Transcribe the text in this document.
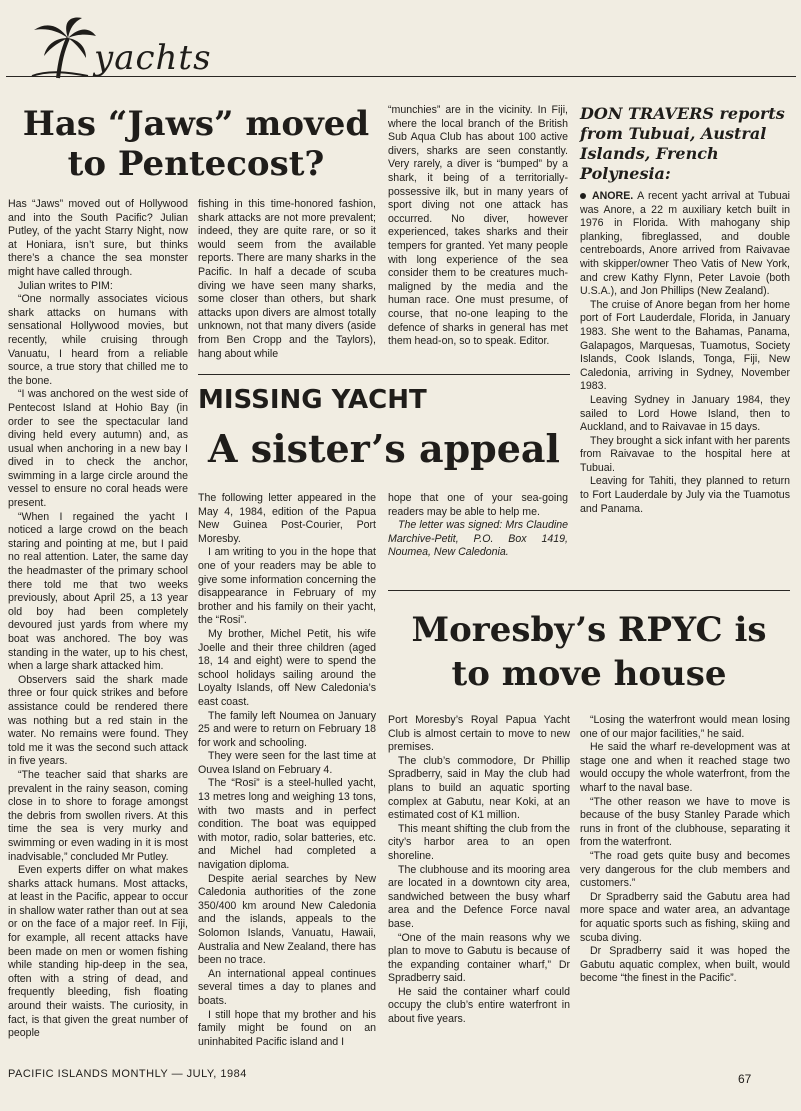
yachts
Has “Jaws” moved to Pentecost?

Has “Jaws” moved out of Hollywood and into the South Pacific? Julian Putley, of the yacht Starry Night, now at Honiara, isn’t sure, but thinks there’s a chance the sea monster might have called through.

Julian writes to PIM:

“One normally associates vicious shark attacks on humans with sensational Hollywood movies, but recently, while cruising through Vanuatu, I heard from a reliable source, a true story that chilled me to the bone.

“I was anchored on the west side of Pentecost Island at Hohio Bay (in order to see the spectacular land diving held every autumn) and, as usual when anchoring in a new bay I dived in to check the anchor, swimming in a large circle around the vessel to ensure no coral heads were present.

“When I regained the yacht I noticed a large crowd on the beach staring and pointing at me, but I paid no real attention. Later, the same day the headmaster of the primary school there told me that two weeks previously, about April 25, a 13 year old boy had been completely devoured just yards from where my boat was anchored. The boy was standing in the water, up to his chest, when a large shark attacked him.

Observers said the shark made three or four quick strikes and before assistance could be rendered there was nothing but a red stain in the water. No remains were found. They told me it was the second such attack in five years.

“The teacher said that sharks are prevalent in the rainy season, coming close in to shore to forage amongst the debris from swollen rivers. At this time the sea is very murky and swimming or even wading in it is most inadvisable,” concluded Mr Putley.

Even experts differ on what makes sharks attack humans. Most attacks, at least in the Pacific, appear to occur in shallow water rather than out at sea or on the face of a major reef. In Fiji, for example, all recent attacks have been made on men or women fishing while standing hip-deep in the sea, often with a string of dead, and frequently bleeding, fish floating around their waists. The curiosity, in fact, is that given the great number of people

fishing in this time-honored fashion, shark attacks are not more prevalent; indeed, they are quite rare, or so it would seem from the available reports. There are many sharks in the Pacific. In half a decade of scuba diving we have seen many sharks, some closer than others, but shark attacks upon divers are almost totally unknown, not that many divers (aside from Ben Cropp and the Taylors), hang about while

“munchies” are in the vicinity. In Fiji, where the local branch of the British Sub Aqua Club has about 100 active divers, sharks are seen constantly. Very rarely, a diver is “bumped” by a shark, it being of a territorially-possessive ilk, but in many years of sport diving not one attack has occurred. No diver, however experienced, takes sharks and their tempers for granted. Yet many people with long experience of the sea consider them to be creatures much-maligned by the media and the human race. One must presume, of course, that no-one leaping to the defence of sharks in general has met them head-on, so to speak. Editor.

MISSING YACHT
A sister’s appeal

The following letter appeared in the May 4, 1984, edition of the Papua New Guinea Post-Courier, Port Moresby.

I am writing to you in the hope that one of your readers may be able to give some information concerning the disappearance in February of my brother and his family on their yacht, the “Rosi”.

My brother, Michel Petit, his wife Joelle and their three children (aged 18, 14 and eight) were to spend the school holidays sailing around the Loyalty Islands, off New Caledonia’s east coast.

The family left Noumea on January 25 and were to return on February 18 for work and schooling.

They were seen for the last time at Ouvea Island on February 4.

The “Rosi” is a steel-hulled yacht, 13 metres long and weighing 13 tons, with two masts and in perfect condition. The boat was equipped with motor, radio, solar batteries, etc. and Michel had completed a navigation diploma.

Despite aerial searches by New Caledonia authorities of the zone 350/400 km around New Caledonia and the islands, appeals to the Solomon Islands, Vanuatu, Hawaii, Australia and New Zealand, there has been no trace.

An international appeal continues several times a day to planes and boats.

I still hope that my brother and his family might be found on an uninhabited Pacific island and I

hope that one of your sea-going readers may be able to help me.

The letter was signed: Mrs Claudine Marchive-Petit, P.O. Box 1419, Noumea, New Caledonia.

DON TRAVERS reports from Tubuai, Austral Islands, French Polynesia:

ANORE. A recent yacht arrival at Tubuai was Anore, a 22 m auxiliary ketch built in 1976 in Florida. With mahogany ship planking, fibreglassed, and double centreboards, Anore arrived from Raivavae with skipper/owner Theo Vatis of New York, and crew Kathy Flynn, Peter Lavoie (both U.S.A.), and Jon Phillips (New Zealand).

The cruise of Anore began from her home port of Fort Lauderdale, Florida, in January 1983. She went to the Bahamas, Panama, Galapagos, Marquesas, Tuamotus, Society Islands, Cook Islands, Tonga, Fiji, New Caledonia, arriving in Sydney, November 1983.

Leaving Sydney in January 1984, they sailed to Lord Howe Island, then to Auckland, and to Raivavae in 15 days.

They brought a sick infant with her parents from Raivavae to the hospital here at Tubuai.

Leaving for Tahiti, they planned to return to Fort Lauderdale by July via the Tuamotus and Panama.

Moresby’s RPYC is to move house

Port Moresby’s Royal Papua Yacht Club is almost certain to move to new premises.

The club’s commodore, Dr Phillip Spradberry, said in May the club had plans to build an aquatic sporting complex at Gabutu, near Koki, at an estimated cost of K1 million.

This meant shifting the club from the city’s harbor area to an open shoreline.

The clubhouse and its mooring area are located in a downtown city area, sandwiched between the busy wharf area and the Defence Force naval base.

“One of the main reasons why we plan to move to Gabutu is because of the expanding container wharf,” Dr Spradberry said.

He said the container wharf could occupy the club’s entire waterfront in about five years.

“Losing the waterfront would mean losing one of our major facilities,” he said.

He said the wharf re-development was at stage one and when it reached stage two would occupy the whole waterfront, from the wharf to the naval base.

“The other reason we have to move is because of the busy Stanley Parade which runs in front of the clubhouse, separating it from the waterfront.

“The road gets quite busy and becomes very dangerous for the club members and customers.”

Dr Spradberry said the Gabutu area had more space and water area, an advantage for aquatic sports such as fishing, skiing and scuba diving.

Dr Spradberry said it was hoped the Gabutu aquatic complex, when built, would become “the finest in the Pacific”.

PACIFIC ISLANDS MONTHLY — JULY, 1984	67
